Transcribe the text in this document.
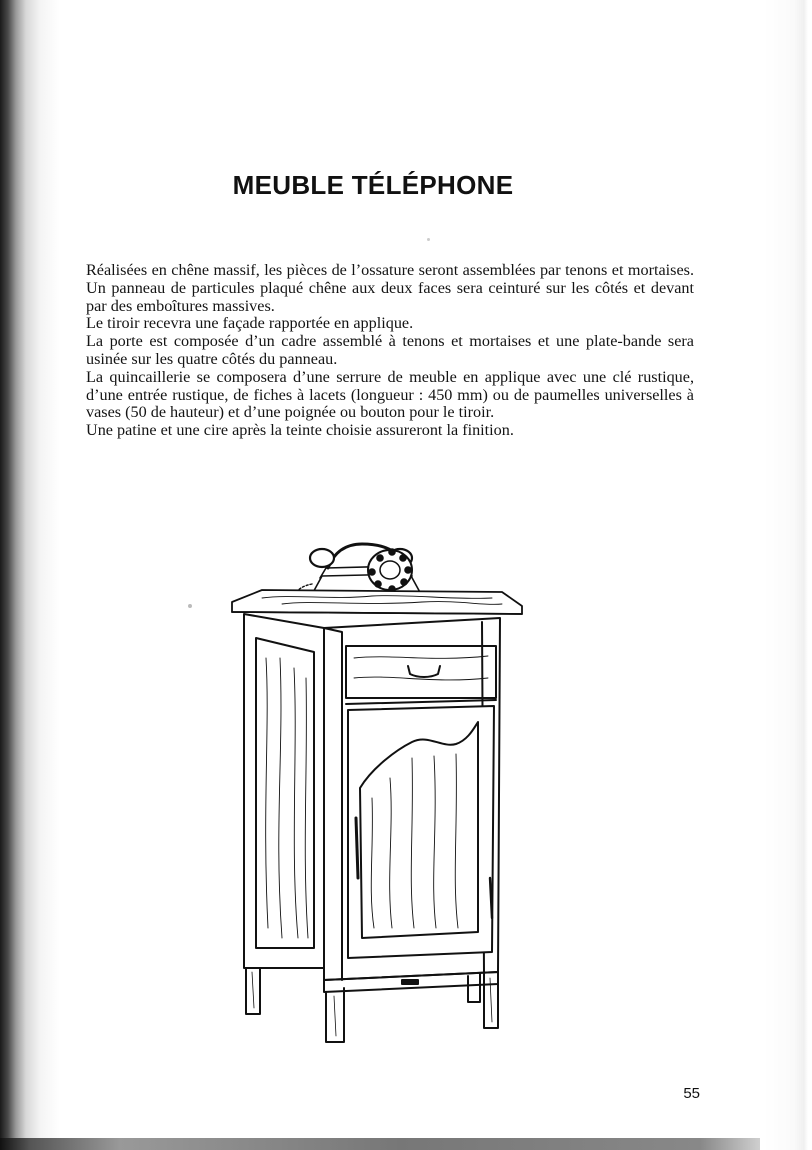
MEUBLE TÉLÉPHONE

Réalisées en chêne massif, les pièces de l’ossature seront assemblées par tenons et mortaises. Un panneau de particules plaqué chêne aux deux faces sera ceinturé sur les côtés et devant par des emboîtures massives.

Le tiroir recevra une façade rapportée en applique.

La porte est composée d’un cadre assemblé à tenons et mortaises et une plate-bande sera usinée sur les quatre côtés du panneau.

La quincaillerie se composera d’une serrure de meuble en applique avec une clé rustique, d’une entrée rustique, de fiches à lacets (longueur : 450 mm) ou de paumelles universelles à vases (50 de hauteur) et d’une poignée ou bouton pour le tiroir.

Une patine et une cire après la teinte choisie assureront la finition.

55
